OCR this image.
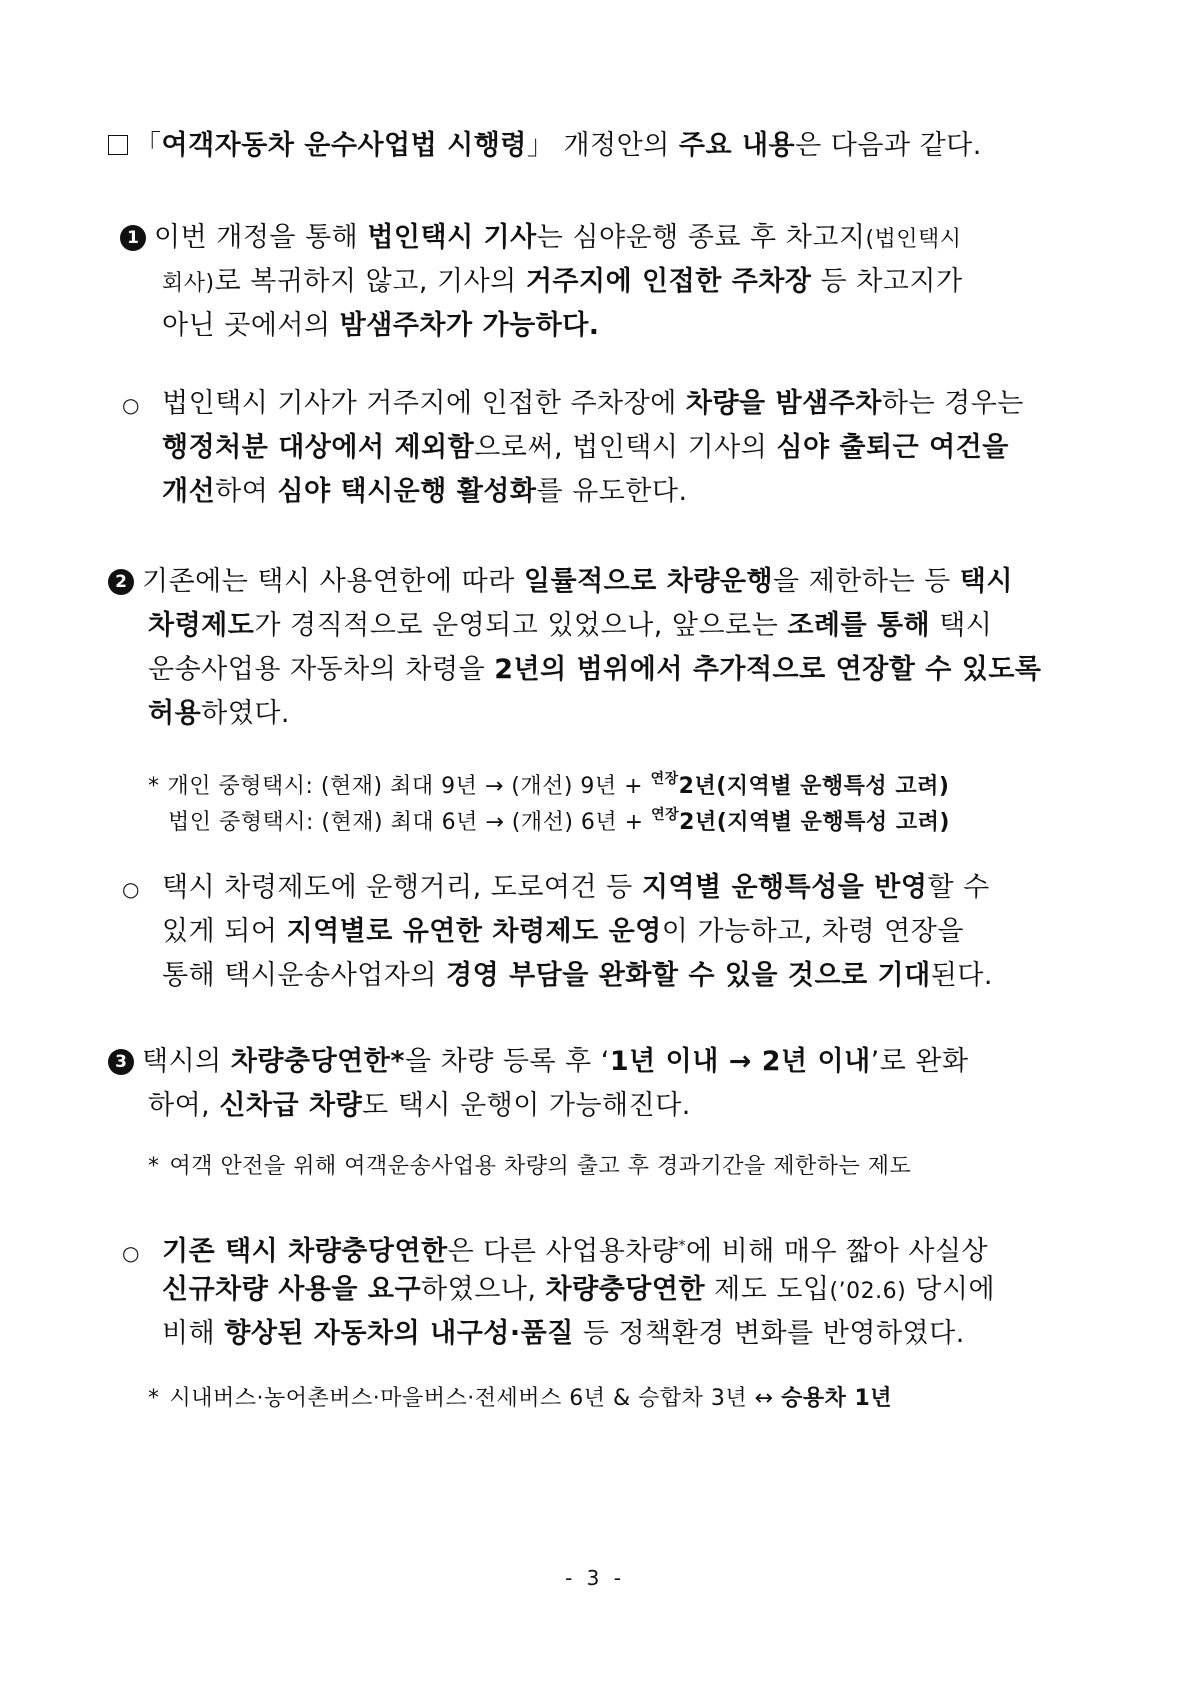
「여객자동차 운수사업법 시행령」 개정안의 주요 내용은 다음과 같다.
1 이번 개정을 통해 법인택시 기사는 심야운행 종료 후 차고지(법인택시
회사)로 복귀하지 않고, 기사의 거주지에 인접한 주차장 등 차고지가
아닌 곳에서의 밤샘주차가 가능하다.
○ 법인택시 기사가 거주지에 인접한 주차장에 차량을 밤샘주차하는 경우는
행정처분 대상에서 제외함으로써, 법인택시 기사의 심야 출퇴근 여건을
개선하여 심야 택시운행 활성화를 유도한다.
2 기존에는 택시 사용연한에 따라 일률적으로 차량운행을 제한하는 등 택시
차령제도가 경직적으로 운영되고 있었으나, 앞으로는 조례를 통해 택시
운송사업용 자동차의 차령을 2년의 범위에서 추가적으로 연장할 수 있도록
허용하였다.
* 개인 중형택시: (현재) 최대 9년 → (개선) 9년 + $^{연장}$2년(지역별 운행특성 고려)
법인 중형택시: (현재) 최대 6년 → (개선) 6년 + $^{연장}$2년(지역별 운행특성 고려)
○ 택시 차령제도에 운행거리, 도로여건 등 지역별 운행특성을 반영할 수
있게 되어 지역별로 유연한 차령제도 운영이 가능하고, 차령 연장을
통해 택시운송사업자의 경영 부담을 완화할 수 있을 것으로 기대된다.
3 택시의 차량충당연한*을 차량 등록 후 ‘1년 이내 → 2년 이내’로 완화
하여, 신차급 차량도 택시 운행이 가능해진다.
* 여객 안전을 위해 여객운송사업용 차량의 출고 후 경과기간을 제한하는 제도
○ 기존 택시 차량충당연한은 다른 사업용차량*에 비해 매우 짧아 사실상
신규차량 사용을 요구하였으나, 차량충당연한 제도 도입(’02.6) 당시에
비해 향상된 자동차의 내구성·품질 등 정책환경 변화를 반영하였다.
* 시내버스·농어촌버스·마을버스·전세버스 6년 & 승합차 3년 ↔ 승용차 1년
- 3 -
